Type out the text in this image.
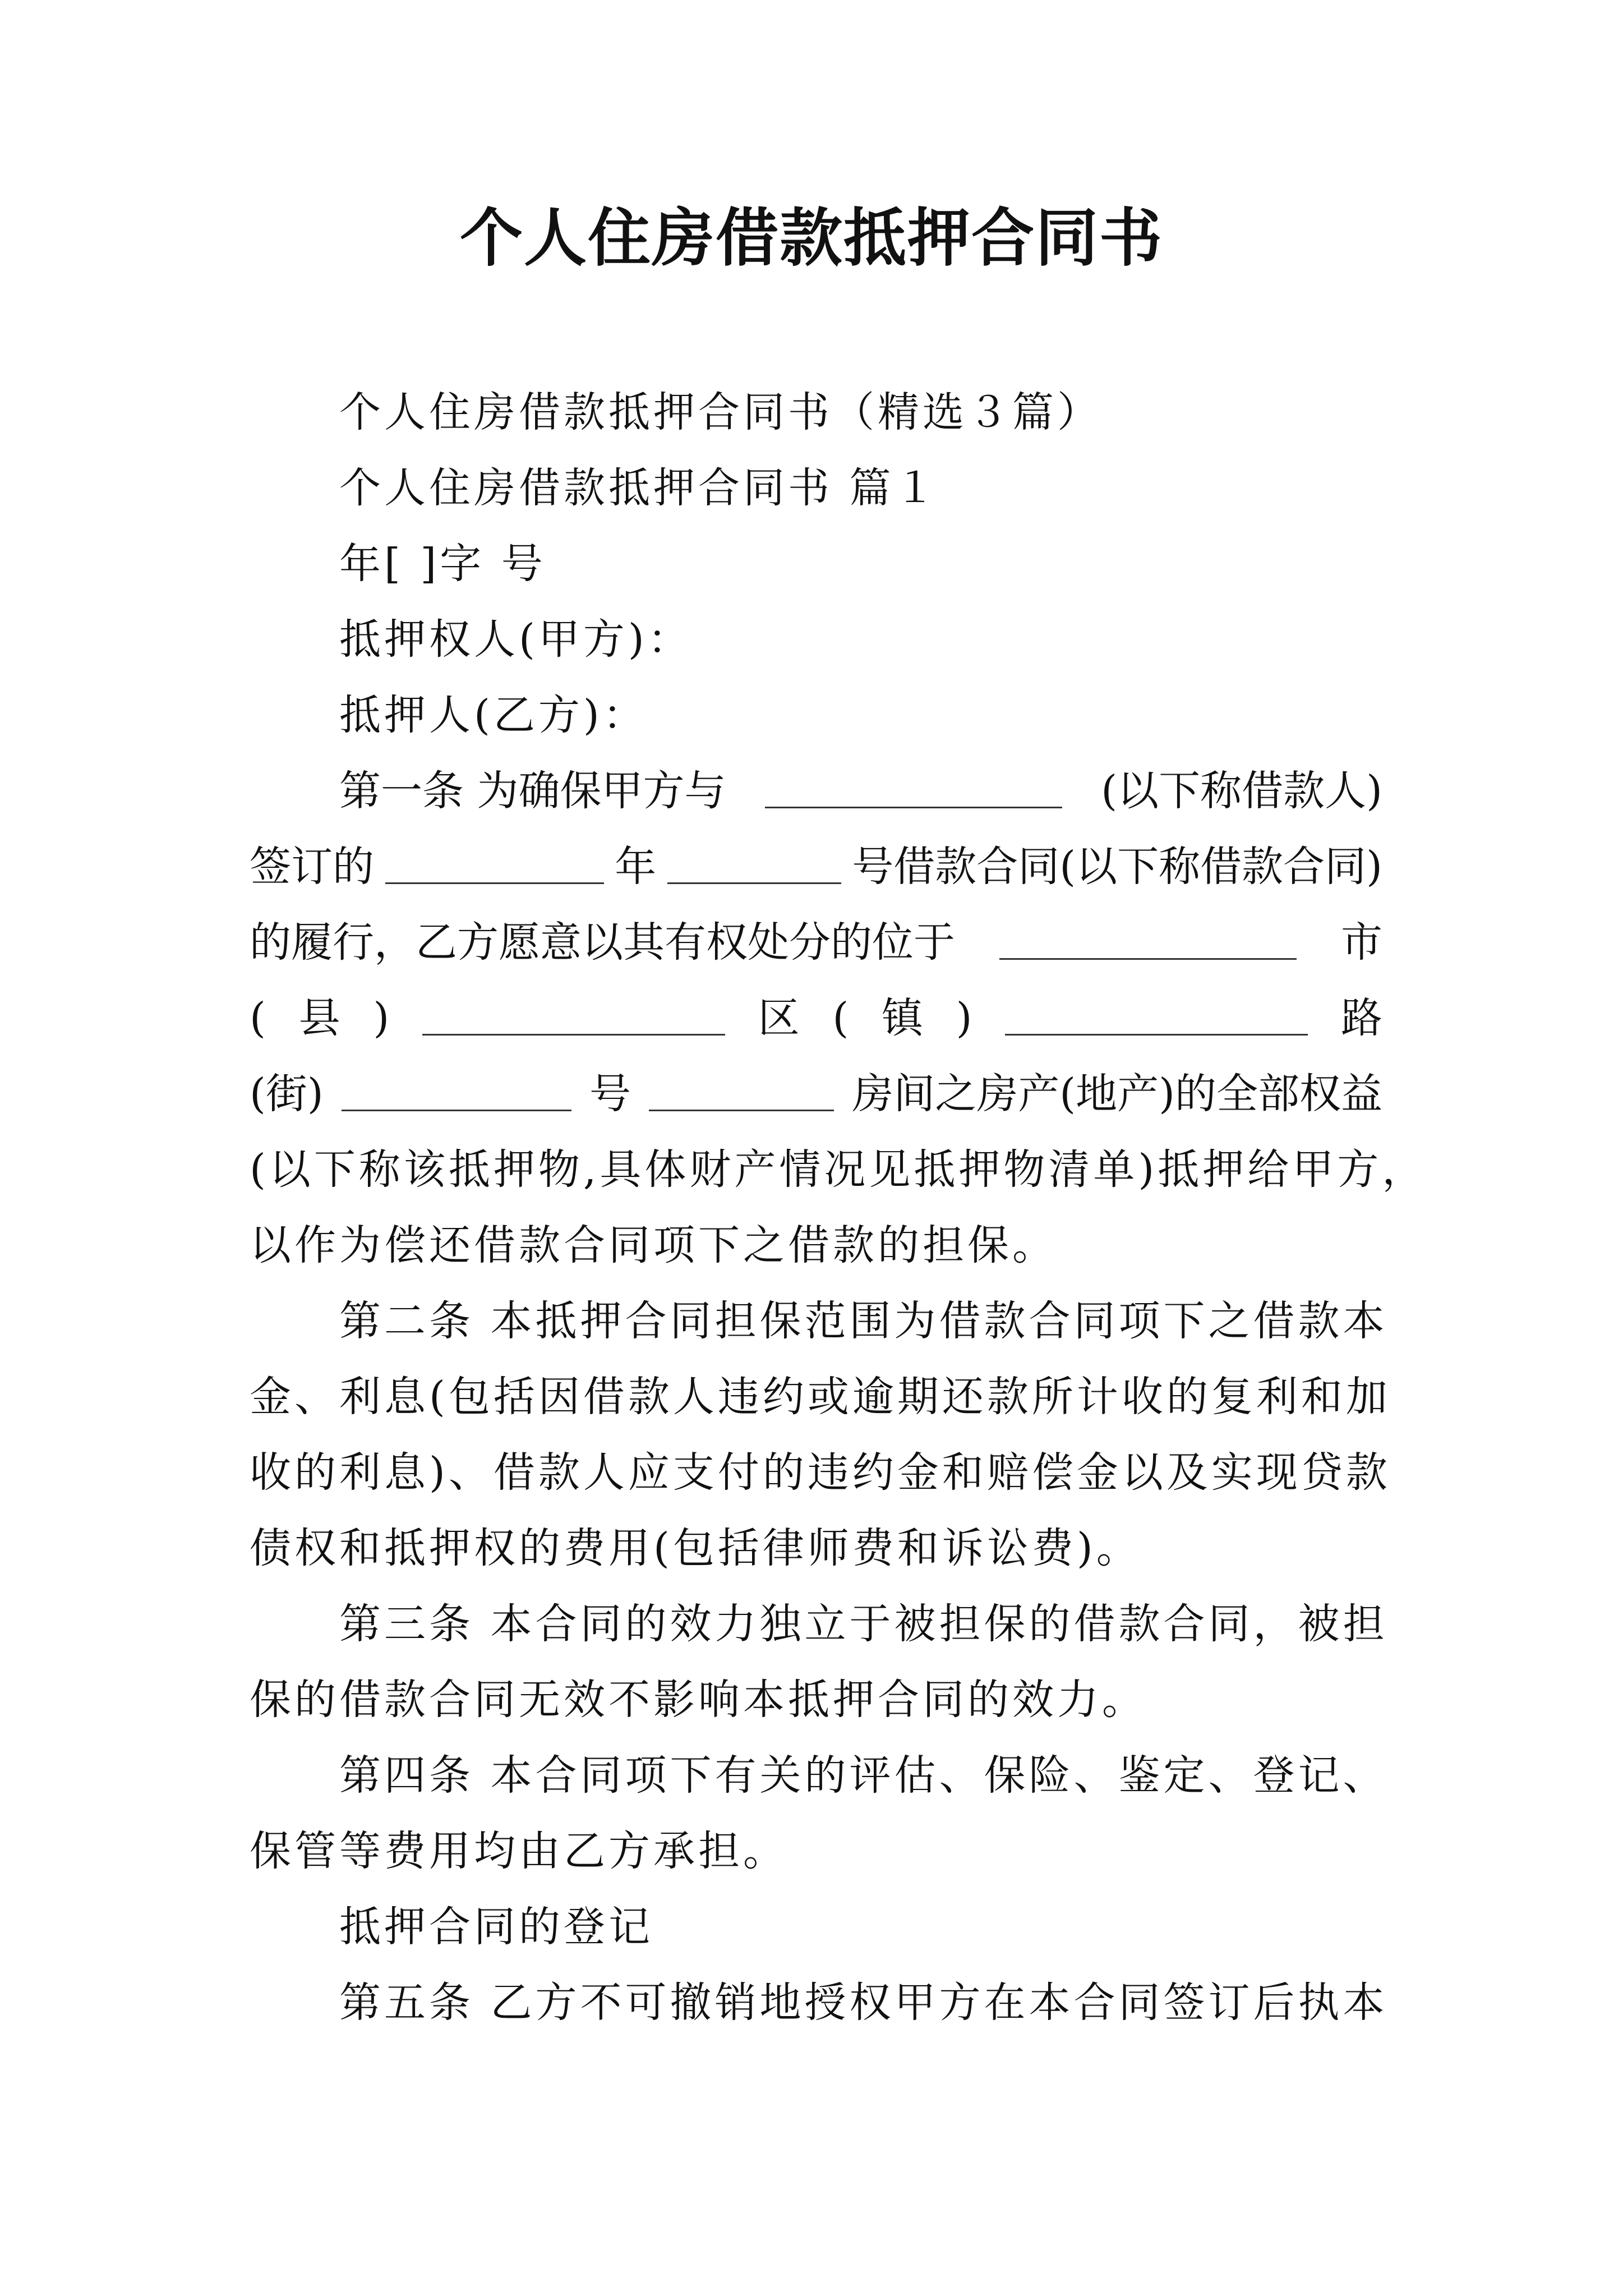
个人住房借款抵押合同书
个人住房借款抵押合同书（精选３篇）
个人住房借款抵押合同书 篇１
年[ ]字 号
抵押权人(甲方)：
抵押人(乙方)：
第一条 为确保甲方与	(以下称借款人)
签订的	年	号借款合同(以下称借款合同)
的履行，乙方愿意以其有权处分的位于	市
( 县 )	区 ( 镇 )	路
(街)	号	房间之房产(地产)的全部权益
(以下称该抵押物,具体财产情况见抵押物清单)抵押给甲方，
以作为偿还借款合同项下之借款的担保。
第二条 本抵押合同担保范围为借款合同项下之借款本
金、利息(包括因借款人违约或逾期还款所计收的复利和加
收的利息)、借款人应支付的违约金和赔偿金以及实现贷款
债权和抵押权的费用(包括律师费和诉讼费)。
第三条 本合同的效力独立于被担保的借款合同，被担
保的借款合同无效不影响本抵押合同的效力。
第四条 本合同项下有关的评估、保险、鉴定、登记、
保管等费用均由乙方承担。
抵押合同的登记
第五条 乙方不可撤销地授权甲方在本合同签订后执本
